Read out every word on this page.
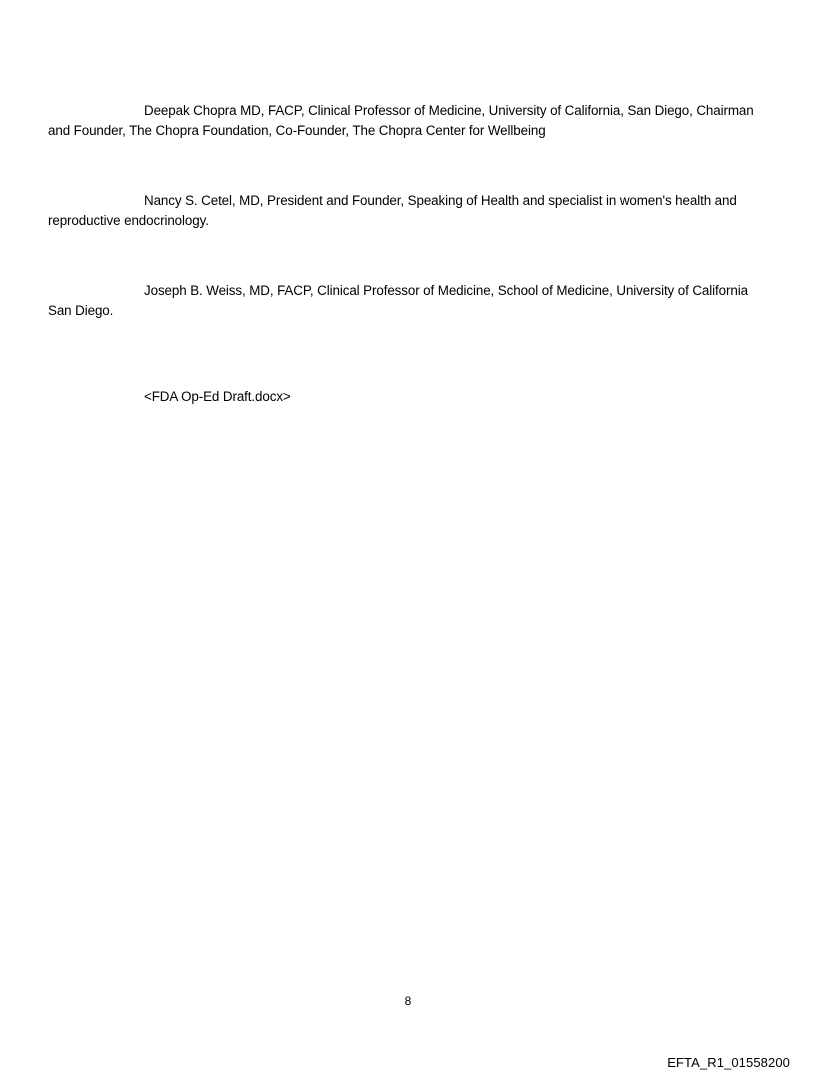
Deepak Chopra MD, FACP, Clinical Professor of Medicine, University of California, San Diego, Chairman and Founder, The Chopra Foundation, Co-Founder, The Chopra Center for Wellbeing

Nancy S. Cetel, MD, President and Founder, Speaking of Health and specialist in women's health and reproductive endocrinology.

Joseph B. Weiss, MD, FACP, Clinical Professor of Medicine, School of Medicine, University of California San Diego.

<FDA Op-Ed Draft.docx>

8
EFTA_R1_01558200
